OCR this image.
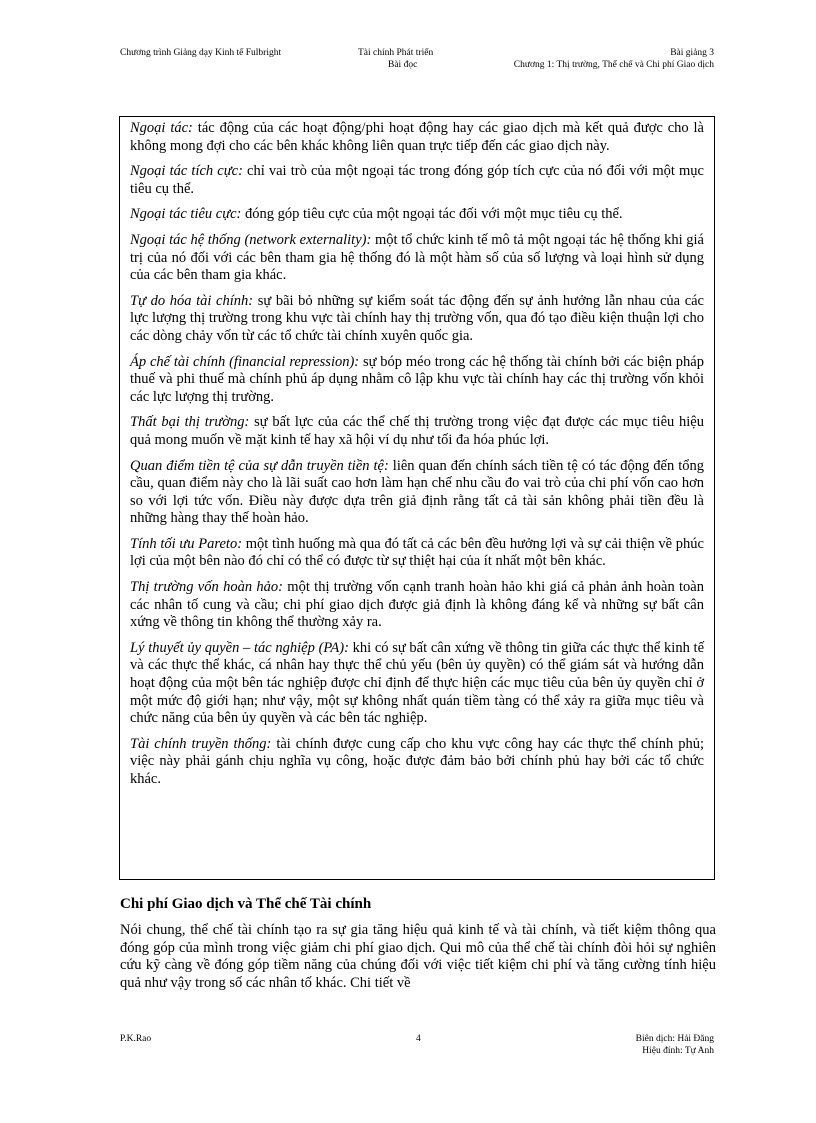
Chương trình Giảng dạy Kinh tế Fulbright	Tài chính Phát triển
Bài đọc
Bài giảng 3
Chương 1: Thị trường, Thể chế và Chi phí Giao dịch

Ngoại tác: tác động của các hoạt động/phi hoạt động hay các giao dịch mà kết quả được cho là không mong đợi cho các bên khác không liên quan trực tiếp đến các giao dịch này.

Ngoại tác tích cực: chỉ vai trò của một ngoại tác trong đóng góp tích cực của nó đối với một mục tiêu cụ thể.

Ngoại tác tiêu cực: đóng góp tiêu cực của một ngoại tác đối với một mục tiêu cụ thể.

Ngoại tác hệ thống (network externality): một tổ chức kinh tế mô tả một ngoại tác hệ thống khi giá trị của nó đối với các bên tham gia hệ thống đó là một hàm số của số lượng và loại hình sử dụng của các bên tham gia khác.

Tự do hóa tài chính: sự bãi bỏ những sự kiểm soát tác động đến sự ảnh hưởng lẫn nhau của các lực lượng thị trường trong khu vực tài chính hay thị trường vốn, qua đó tạo điều kiện thuận lợi cho các dòng chảy vốn từ các tổ chức tài chính xuyên quốc gia.

Áp chế tài chính (financial repression): sự bóp méo trong các hệ thống tài chính bởi các biện pháp thuế và phi thuế mà chính phủ áp dụng nhằm cô lập khu vực tài chính hay các thị trường vốn khỏi các lực lượng thị trường.

Thất bại thị trường: sự bất lực của các thể chế thị trường trong việc đạt được các mục tiêu hiệu quả mong muốn về mặt kinh tế hay xã hội ví dụ như tối đa hóa phúc lợi.

Quan điểm tiền tệ của sự dẫn truyền tiền tệ: liên quan đến chính sách tiền tệ có tác động đến tổng cầu, quan điểm này cho là lãi suất cao hơn làm hạn chế nhu cầu đo vai trò của chi phí vốn cao hơn so với lợi tức vốn. Điều này được dựa trên giả định rằng tất cả tài sản không phải tiền đều là những hàng thay thế hoàn hảo.

Tính tối ưu Pareto: một tình huống mà qua đó tất cả các bên đều hưởng lợi và sự cải thiện về phúc lợi của một bên nào đó chỉ có thể có được từ sự thiệt hại của ít nhất một bên khác.

Thị trường vốn hoàn hảo: một thị trường vốn cạnh tranh hoàn hảo khi giá cả phản ảnh hoàn toàn các nhân tố cung và cầu; chi phí giao dịch được giả định là không đáng kể và những sự bất cân xứng về thông tin không thể thường xảy ra.

Lý thuyết ủy quyền – tác nghiệp (PA): khi có sự bất cân xứng về thông tin giữa các thực thể kinh tế và các thực thể khác, cá nhân hay thực thể chủ yếu (bên ủy quyền) có thể giám sát và hướng dẫn hoạt động của một bên tác nghiệp được chỉ định để thực hiện các mục tiêu của bên ủy quyền chỉ ở một mức độ giới hạn; như vậy, một sự không nhất quán tiềm tàng có thể xảy ra giữa mục tiêu và chức năng của bên ủy quyền và các bên tác nghiệp.

Tài chính truyền thống: tài chính được cung cấp cho khu vực công hay các thực thể chính phủ; việc này phải gánh chịu nghĩa vụ công, hoặc được đảm bảo bởi chính phủ hay bởi các tổ chức khác.

Chi phí Giao dịch và Thể chế Tài chính

Nói chung, thể chế tài chính tạo ra sự gia tăng hiệu quả kinh tế và tài chính, và tiết kiệm thông qua đóng góp của mình trong việc giảm chi phí giao dịch. Qui mô của thể chế tài chính đòi hỏi sự nghiên cứu kỹ càng về đóng góp tiềm năng của chúng đối với việc tiết kiệm chi phí và tăng cường tính hiệu quả như vậy trong số các nhân tố khác. Chi tiết về

P.K.Rao	4	Biên dịch: Hải Đăng
Hiệu đính: Tự Anh
